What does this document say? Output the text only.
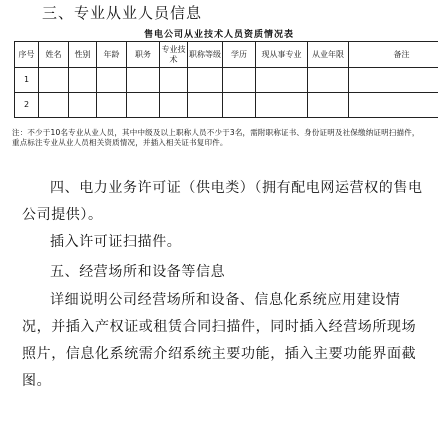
三、专业从业人员信息
售电公司从业技术人员资质情况表
序号	姓名	性别	年龄	职务	专业技术	职称等级	学历	现从事专业	从业年限	备注
1										
2										
注：不少于10名专业从业人员，其中中级及以上职称人员不少于3名，需附职称证书、身份证明及社保缴纳证明扫描件，重点标注专业从业人员相关资质情况，并插入相关证书复印件。
四、电力业务许可证（供电类）（拥有配电网运营权的售电公司提供）。
插入许可证扫描件。
五、经营场所和设备等信息
详细说明公司经营场所和设备、信息化系统应用建设情况，并插入产权证或租赁合同扫描件，同时插入经营场所现场照片，信息化系统需介绍系统主要功能，插入主要功能界面截图。
